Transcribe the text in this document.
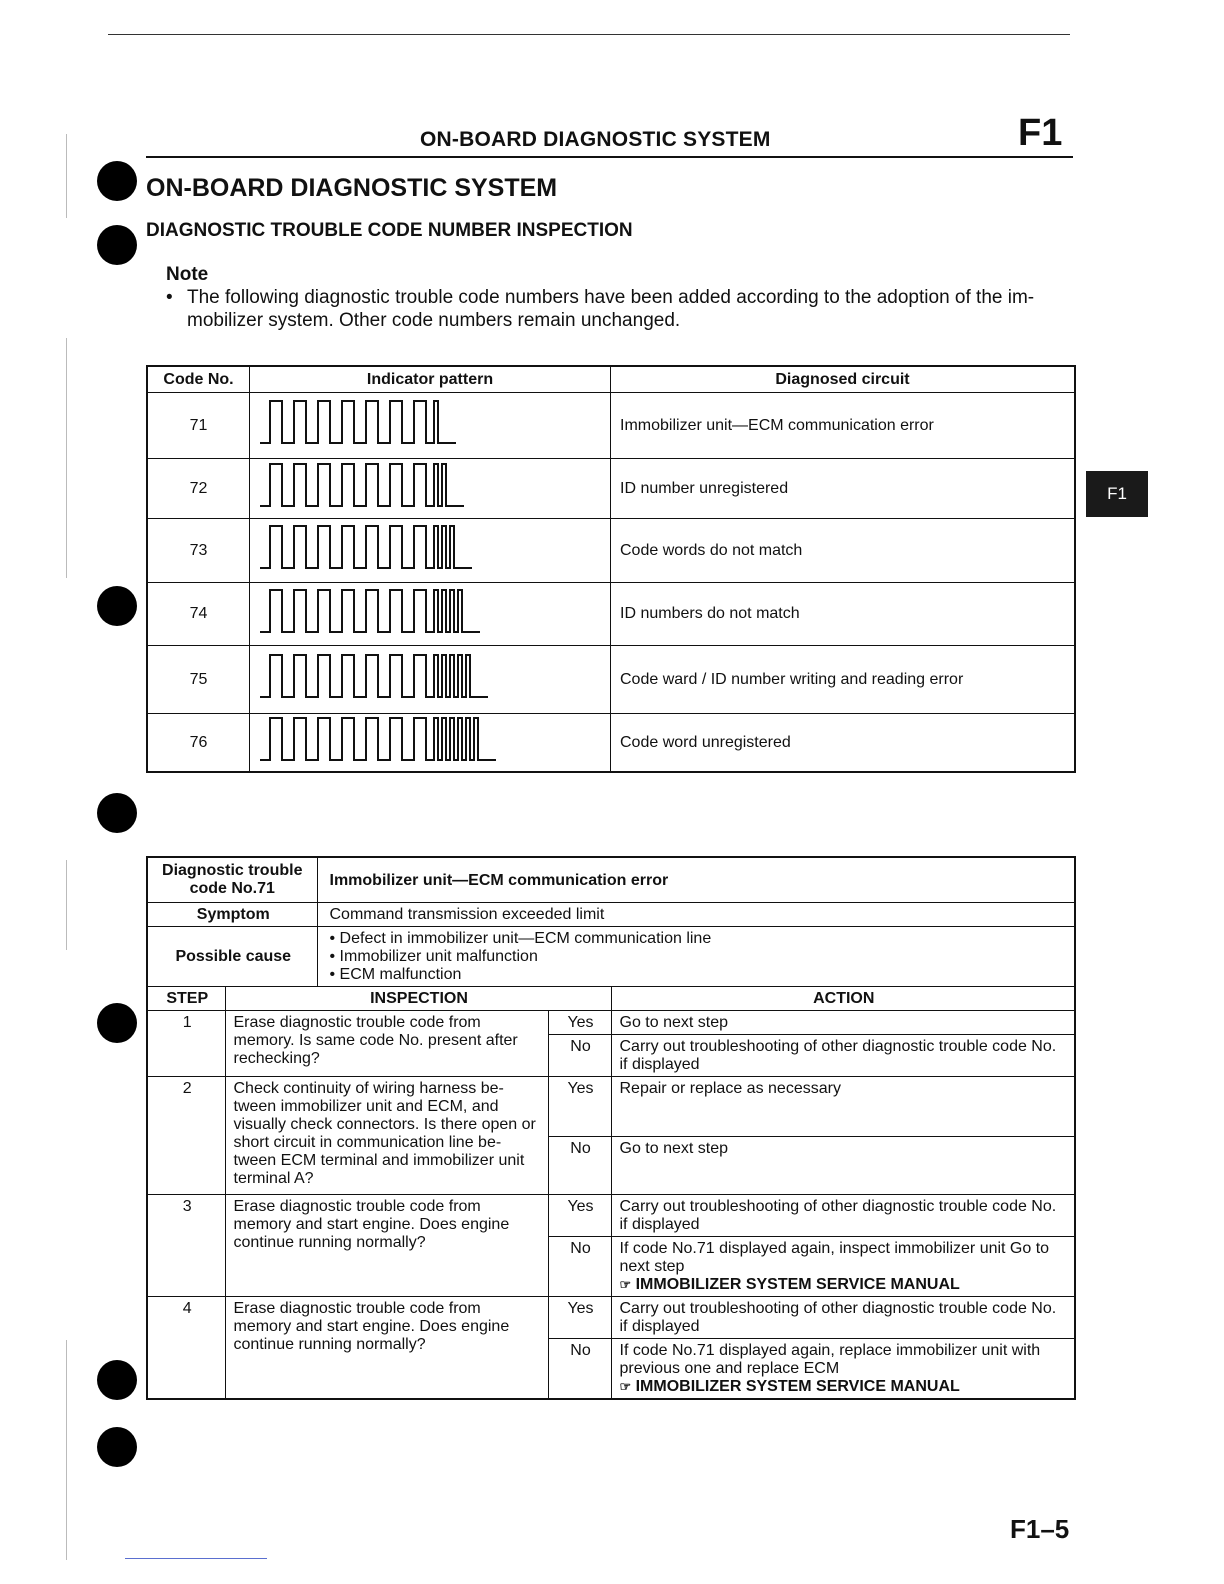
ON-BOARD DIAGNOSTIC SYSTEM	F1
ON-BOARD DIAGNOSTIC SYSTEM
DIAGNOSTIC TROUBLE CODE NUMBER INSPECTION
Note
• The following diagnostic trouble code numbers have been added according to the adoption of the im-mobilizer system. Other code numbers remain unchanged.
Code No.	Indicator pattern	Diagnosed circuit
71		Immobilizer unit—ECM communication error
72		ID number unregistered
73		Code words do not match
74		ID numbers do not match
75		Code ward / ID number writing and reading error
76		Code word unregistered
Diagnostic trouble code No.71		Immobilizer unit—ECM communication error		
Symptom		Command transmission exceeded limit		
Possible cause		• Defect in immobilizer unit—ECM communication line
• Immobilizer unit malfunction
• ECM malfunction		

STEP	INSPECTION			ACTION
1	Erase diagnostic trouble code from memory. Is same code No. present after rechecking?		Yes	Go to next step
			No	Carry out troubleshooting of other diagnostic trouble code No. if displayed
2	Check continuity of wiring harness be-tween immobilizer unit and ECM, and visually check connectors. Is there open or short circuit in communication line be-tween ECM terminal and immobilizer unit terminal A?		Yes	Repair or replace as necessary
			No	Go to next step
3	Erase diagnostic trouble code from memory and start engine. Does engine continue running normally?		Yes	Carry out troubleshooting of other diagnostic trouble code No. if displayed
			No	If code No.71 displayed again, inspect immobilizer unit Go to next step
☞ IMMOBILIZER SYSTEM SERVICE MANUAL

4	Erase diagnostic trouble code from memory and start engine. Does engine continue running normally?		Yes	Carry out troubleshooting of other diagnostic trouble code No. if displayed
			No	If code No.71 displayed again, replace immobilizer unit with previous one and replace ECM
☞ IMMOBILIZER SYSTEM SERVICE MANUAL
F1
F1–5
